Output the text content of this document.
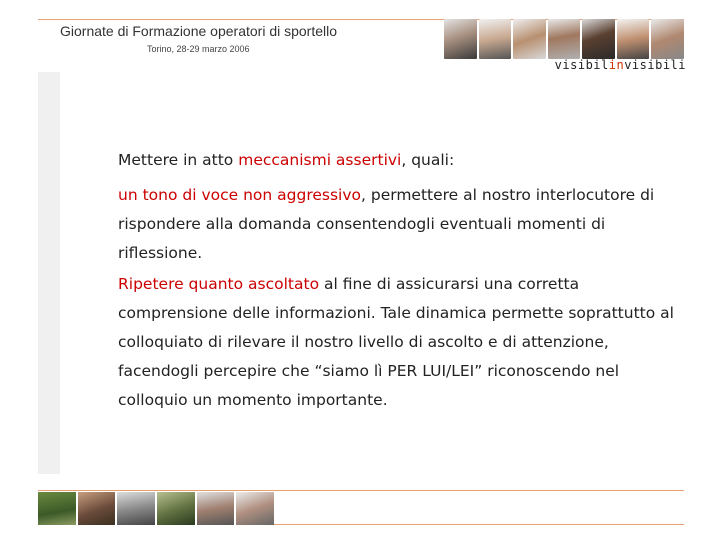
Giornate di Formazione operatori di sportello
Torino, 28-29 marzo 2006
visibilinvisibili

Mettere in atto meccanismi assertivi, quali:

un tono di voce non aggressivo, permettere al nostro interlocutore di rispondere alla domanda consentendogli eventuali momenti di riflessione.

Ripetere quanto ascoltato al fine di assicurarsi una corretta comprensione delle informazioni. Tale dinamica permette soprattutto al colloquiato di rilevare il nostro livello di ascolto e di attenzione, facendogli percepire che “siamo lì PER LUI/LEI” riconoscendo nel colloquio un momento importante.
